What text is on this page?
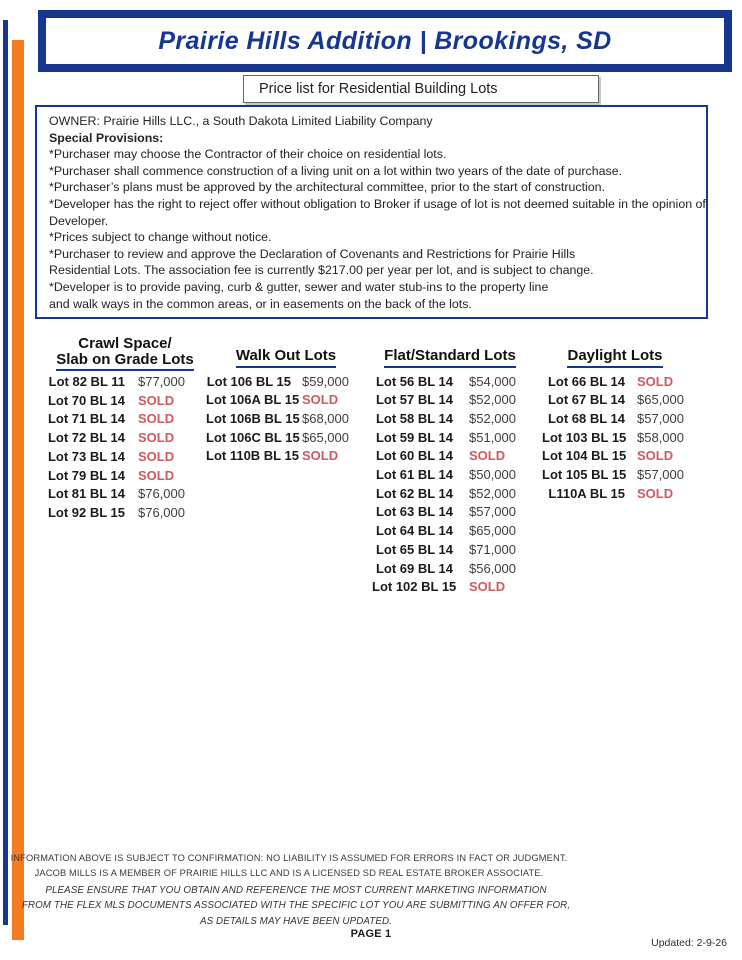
Prairie Hills Addition | Brookings, SD
Price list for Residential Building Lots
OWNER: Prairie Hills LLC., a South Dakota Limited Liability Company
Special Provisions:
*Purchaser may choose the Contractor of their choice on residential lots.
*Purchaser shall commence construction of a living unit on a lot within two years of the date of purchase.
*Purchaser’s plans must be approved by the architectural committee, prior to the start of construction.
*Developer has the right to reject offer without obligation to Broker if usage of lot is not deemed suitable in the opinion of
Developer.
*Prices subject to change without notice.
*Purchaser to review and approve the Declaration of Covenants and Restrictions for Prairie Hills
Residential Lots. The association fee is currently $217.00 per year per lot, and is subject to change.
*Developer is to provide paving, curb & gutter, sewer and water stub-ins to the property line
and walk ways in the common areas, or in easements on the back of the lots.
Crawl Space/
Slab on Grade Lots
Lot 82 BL 11 $77,000
Lot 70 BL 14 SOLD
Lot 71 BL 14 SOLD
Lot 72 BL 14 SOLD
Lot 73 BL 14 SOLD
Lot 79 BL 14 SOLD
Lot 81 BL 14 $76,000
Lot 92 BL 15 $76,000
Walk Out Lots
Lot 106 BL 15 $59,000
Lot 106A BL 15 SOLD
Lot 106B BL 15 $68,000
Lot 106C BL 15 $65,000
Lot 110B BL 15 SOLD
Flat/Standard Lots
Lot 56 BL 14 $54,000
Lot 57 BL 14 $52,000
Lot 58 BL 14 $52,000
Lot 59 BL 14 $51,000
Lot 60 BL 14 SOLD
Lot 61 BL 14 $50,000
Lot 62 BL 14 $52,000
Lot 63 BL 14 $57,000
Lot 64 BL 14 $65,000
Lot 65 BL 14 $71,000
Lot 69 BL 14 $56,000
Lot 102 BL 15 SOLD
Daylight Lots
Lot 66 BL 14 SOLD
Lot 67 BL 14 $65,000
Lot 68 BL 14 $57,000
Lot 103 BL 15 $58,000
Lot 104 BL 15 SOLD
Lot 105 BL 15 $57,000
L110A BL 15 SOLD
INFORMATION ABOVE IS SUBJECT TO CONFIRMATION: NO LIABILITY IS ASSUMED FOR ERRORS IN FACT OR JUDGMENT.
JACOB MILLS IS A MEMBER OF PRAIRIE HILLS LLC AND IS A LICENSED SD REAL ESTATE BROKER ASSOCIATE.
PLEASE ENSURE THAT YOU OBTAIN AND REFERENCE THE MOST CURRENT MARKETING INFORMATION
FROM THE FLEX MLS DOCUMENTS ASSOCIATED WITH THE SPECIFIC LOT YOU ARE SUBMITTING AN OFFER FOR,
AS DETAILS MAY HAVE BEEN UPDATED.
PAGE 1
Updated: 2-9-26
